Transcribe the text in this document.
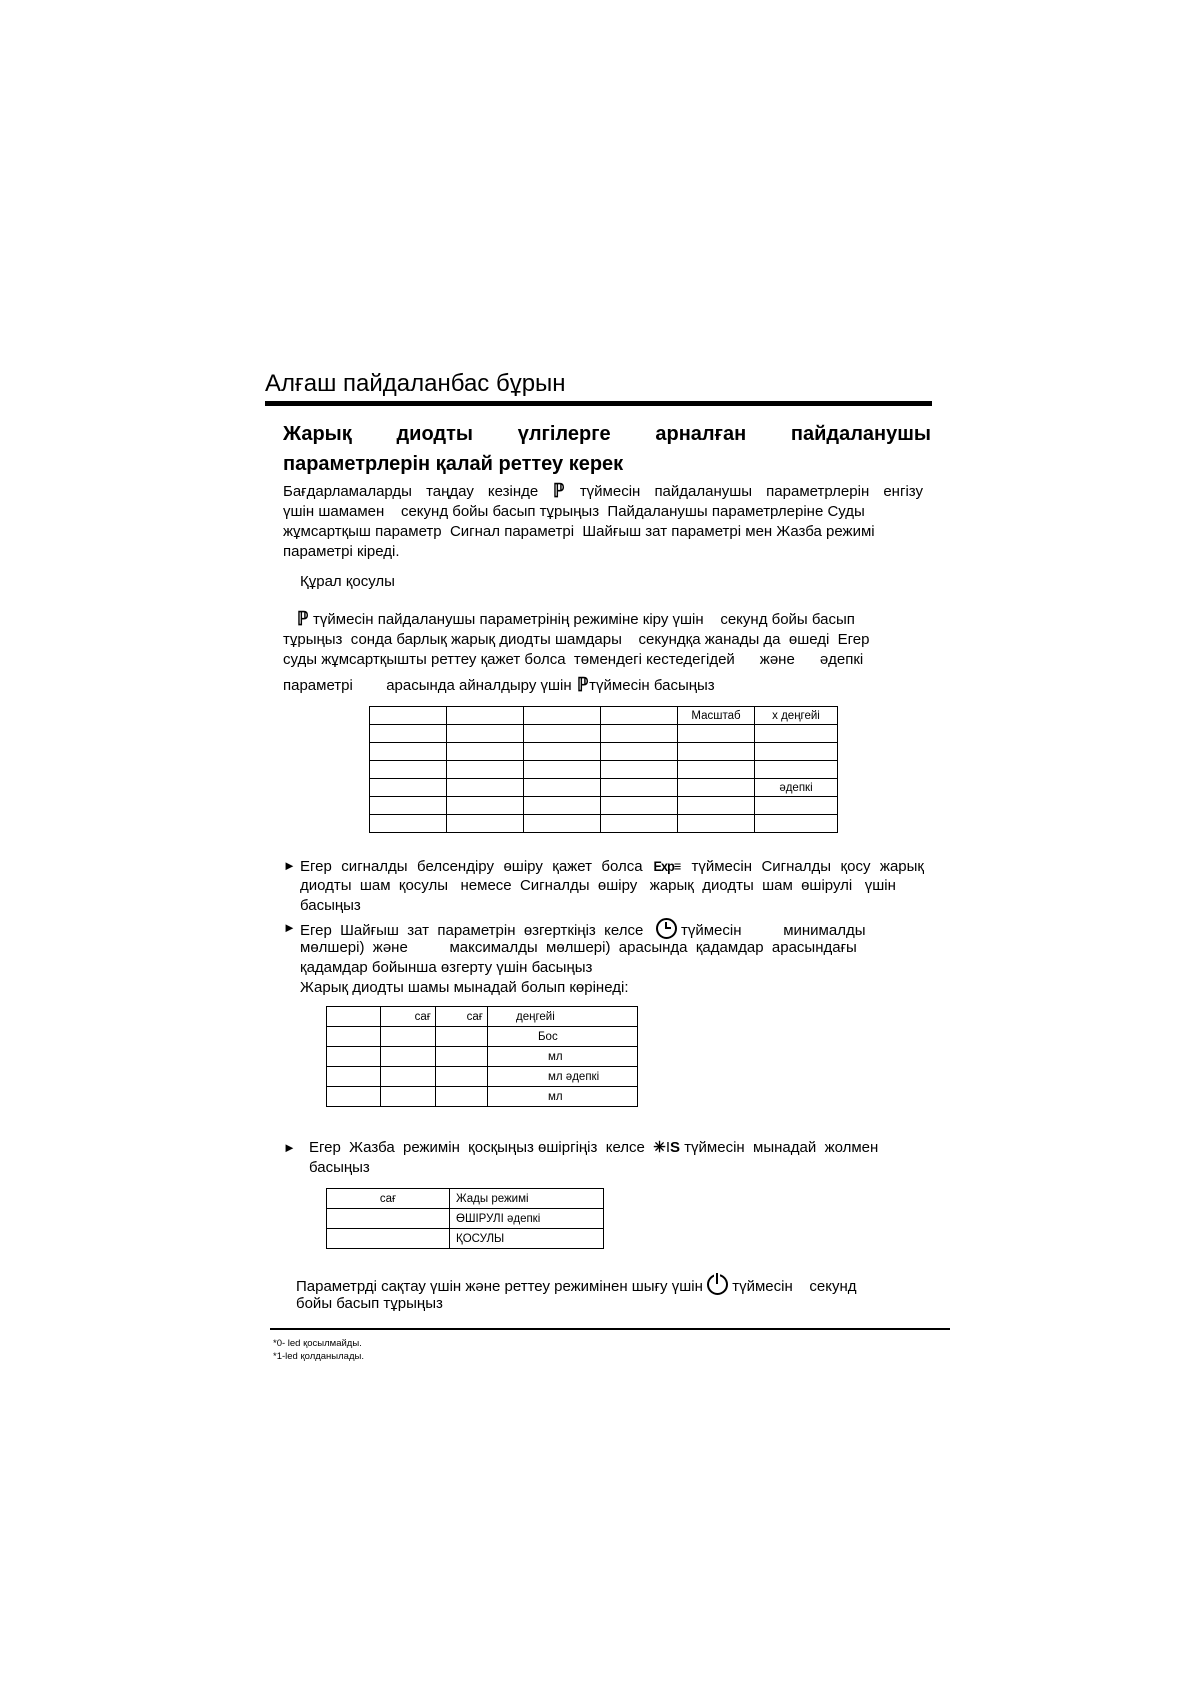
Алғаш пайдаланбас бұрын
Жарық диодты үлгілерге арналған пайдаланушы
параметрлерін қалай реттеу керек
Бағдарламаларды таңдау кезінде ℙ түймесін пайдаланушы параметрлерін енгізу
үшін шамамен    секунд бойы басып тұрыңыз  Пайдаланушы параметрлеріне Суды
жұмсартқыш параметр  Сигнал параметрі  Шайғыш зат параметрі мен Жазба режимі
параметрі кіреді.
Құрал қосулы
ℙ түймесін пайдаланушы параметрінің режиміне кіру үшін    секунд бойы басып
тұрыңыз  сонда барлық жарық диодты шамдары    секундқа жанады да  өшеді  Егер
суды жұмсартқышты реттеу қажет болса  төмендегі кестедегідей      және      әдепкі
параметрі        арасында айналдыру үшін ℙтүймесін басыңыз
				Масштаб	х деңгейі

					әдепкі

► Егер сигналды белсендіру өшіру қажет болса Exp≡ түймесін Сигналды қосу жарық
диодты  шам  қосулы   немесе  Сигналды  өшіру   жарық  диодты  шам  өшірулі   үшін
басыңыз
► Егер  Шайғыш  зат  параметрін  өзгерткіңіз  келсе	түймесін          минималды
мөлшері)  және          максималды  мөлшері)  арасында  қадамдар  арасындағы
қадамдар бойынша өзгерту үшін басыңыз
Жарық диодты шамы мынадай болып көрінеді:
	сағ	сағ	деңгейі
			Бос
			мл
			мл әдепкі
			мл
► Егер  Жазба  режимін  қосқыңыз өшіргіңіз  келсе ✳IS түймесін  мынадай  жолмен
басыңыз
сағ	Жады режимі
	ӨШІРУЛІ әдепкі
	ҚОСУЛЫ
Параметрді сақтау үшін және реттеу режимінен шығу үшін түймесін    секунд
бойы басып тұрыңыз
*0- led қосылмайды.
*1-led қолданылады.
